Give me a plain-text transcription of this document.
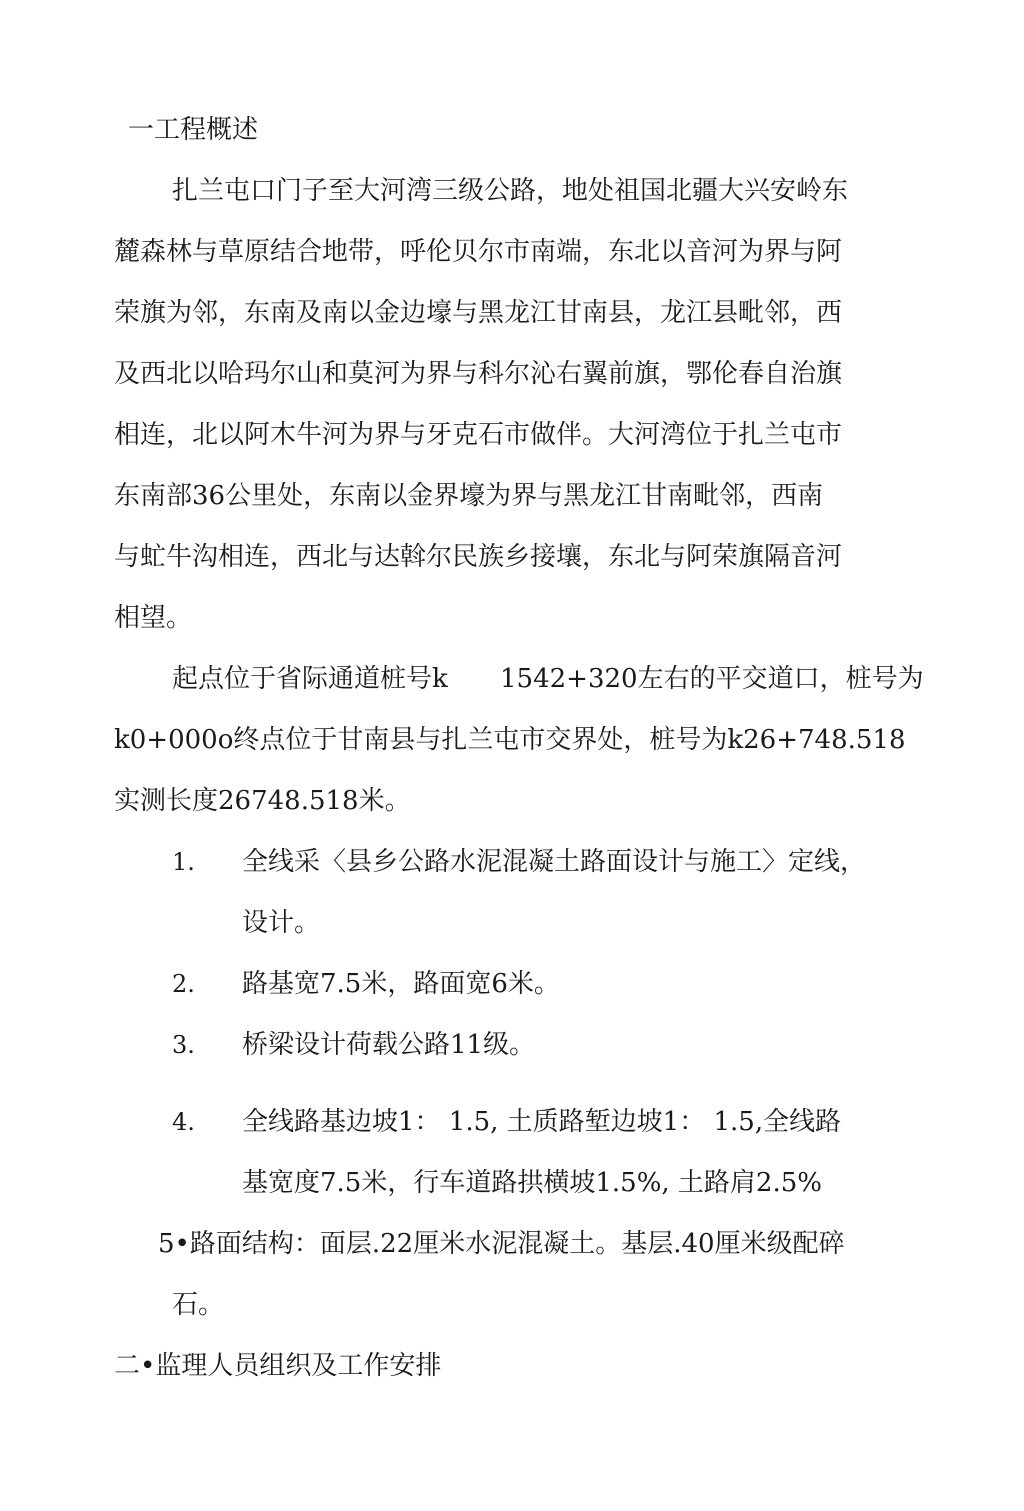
一工程概述
扎兰屯口门子至大河湾三级公路，地处祖国北疆大兴安岭东
麓森林与草原结合地带，呼伦贝尔市南端，东北以音河为界与阿
荣旗为邻，东南及南以金边壕与黑龙江甘南县，龙江县毗邻，西
及西北以哈玛尔山和莫河为界与科尔沁右翼前旗，鄂伦春自治旗
相连，北以阿木牛河为界与牙克石市做伴。大河湾位于扎兰屯市
东南部36公里处，东南以金界壕为界与黑龙江甘南毗邻，西南
与虻牛沟相连，西北与达斡尔民族乡接壤，东北与阿荣旗隔音河
相望。
起点位于省际通道桩号k 1542+320左右的平交道口，桩号为
k0+000o终点位于甘南县与扎兰屯市交界处，桩号为k26+748.518
实测长度26748.518米。
1. 全线采〈县乡公路水泥混凝土路面设计与施工〉定线，
设计。
2. 路基宽7.5米，路面宽6米。
3. 桥梁设计荷载公路11级。
4. 全线路基边坡1： 1.5, 土质路堑边坡1： 1.5,全线路
基宽度7.5米，行车道路拱横坡1.5%, 土路肩2.5%
5•路面结构：面层.22厘米水泥混凝土。基层.40厘米级配碎
石。
二•监理人员组织及工作安排
